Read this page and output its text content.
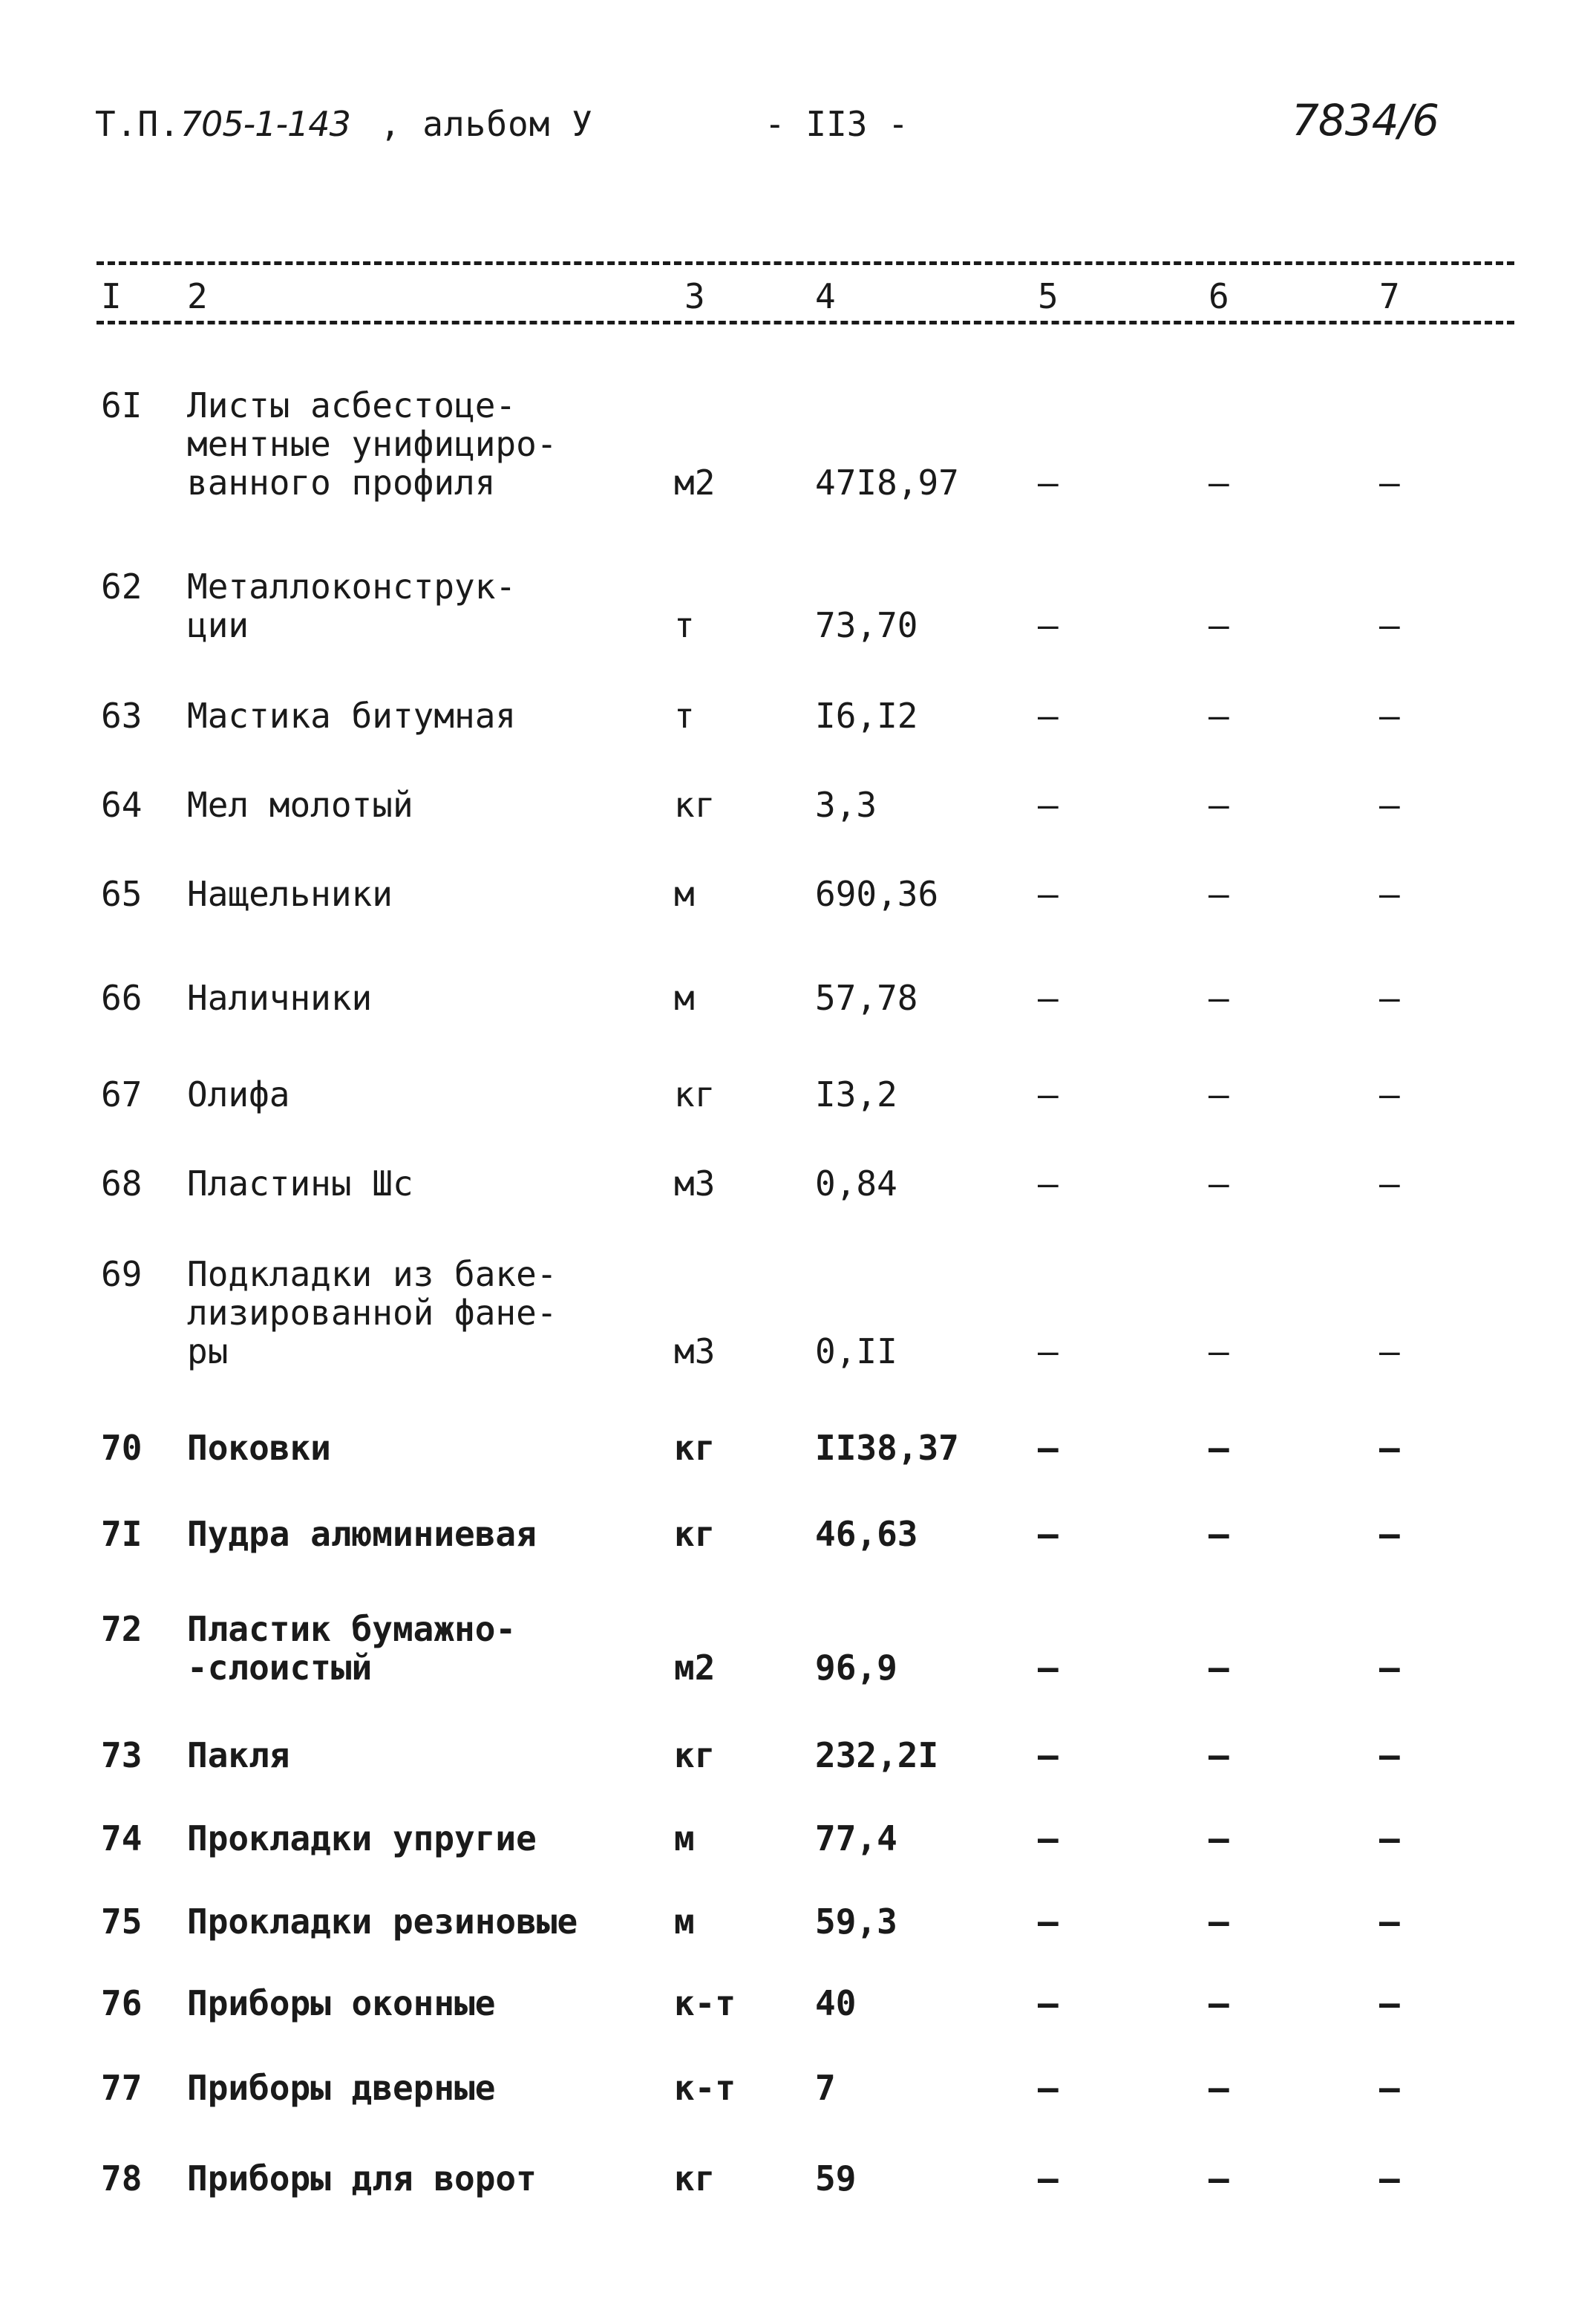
Т.П.705-1-143 , альбом У	- II3 -	7834/6
I 2	3	4	5	6	7
6I Листы асбестоце-
ментные унифициро-
ванного профиля	м2	47I8,97 –	–	–
62 Металлоконструк-
ции	т	73,70	–	–	–
63 Мастика битумная	т	I6,I2	–	–	–
64 Мел молотый	кг	3,3	–	–	–
65 Нащельники	м	690,36	–	–	–
66 Наличники	м	57,78	–	–	–
67 Олифа	кг	I3,2	–	–	–
68 Пластины Шс	м3	0,84	–	–	–
69 Подкладки из баке-
лизированной фане-
ры	м3	0,II	–	–	–
70 Поковки	кг	II38,37 –	–	–
7I Пудра алюминиевая	кг	46,63	–	–	–
72 Пластик бумажно-
-слоистый	м2	96,9	–	–	–
73 Пакля	кг	232,2I	–	–	–
74 Прокладки упругие	м	77,4	–	–	–
75 Прокладки резиновые	м	59,3	–	–	–
76 Приборы оконные	к-т 40	–	–	–
77 Приборы дверные	к-т 7	–	–	–
78 Приборы для ворот	кг	59	–	–	–
